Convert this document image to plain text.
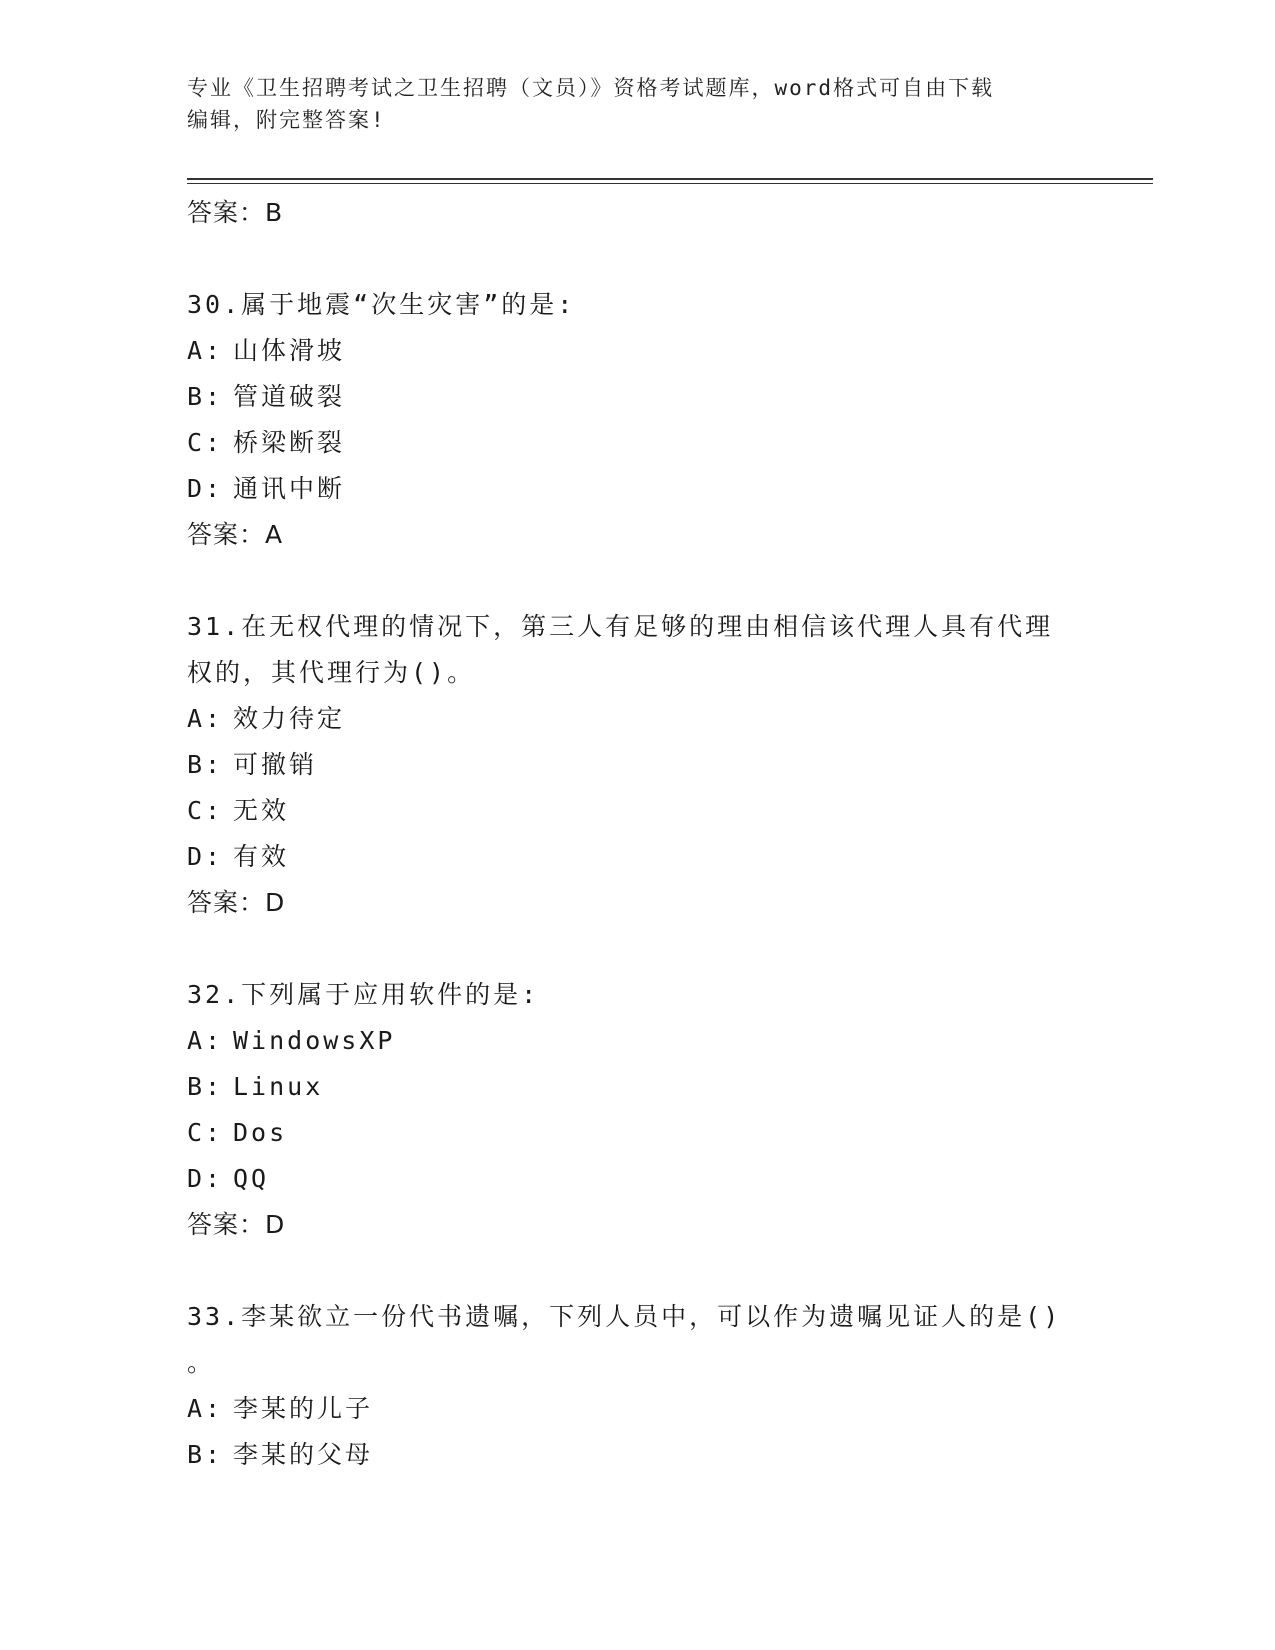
专业《卫生招聘考试之卫生招聘（文员）》资格考试题库，word格式可自由下载
编辑，附完整答案!
答案：B
30.属于地震“次生灾害”的是:
A: 山体滑坡
B: 管道破裂
C: 桥梁断裂
D: 通讯中断
答案：A
31.在无权代理的情况下，第三人有足够的理由相信该代理人具有代理
权的，其代理行为()。
A: 效力待定
B: 可撤销
C: 无效
D: 有效
答案：D
32.下列属于应用软件的是:
A: WindowsXP
B: Linux
C: Dos
D: QQ
答案：D
33.李某欲立一份代书遗嘱，下列人员中，可以作为遗嘱见证人的是()
。
A: 李某的儿子
B: 李某的父母
